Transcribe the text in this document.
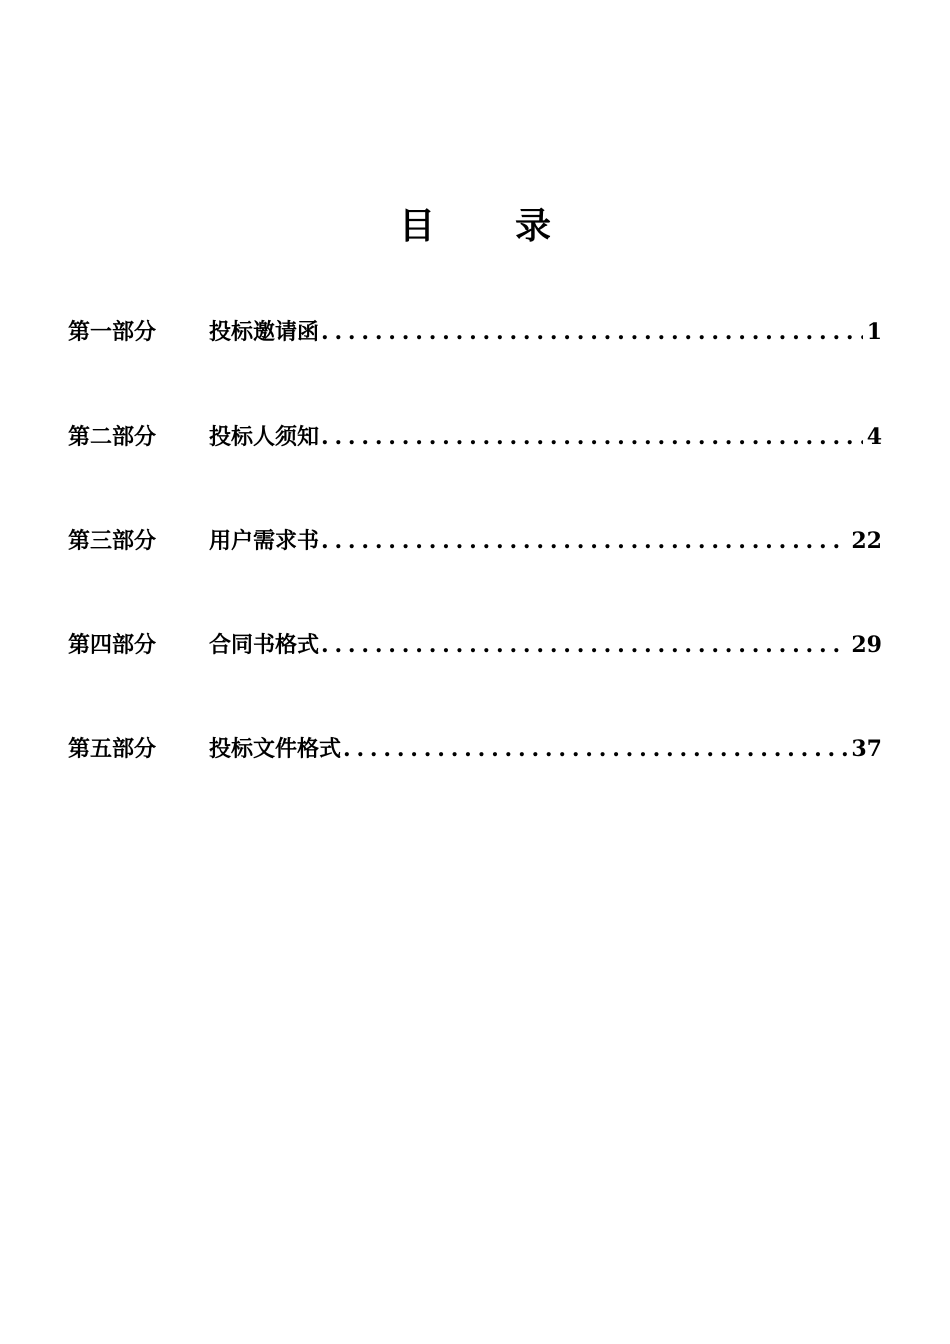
目 录
第一部分	投标邀请函 .....	1
第二部分	投标人须知 .....	4
第三部分	用户需求书 .....	22
第四部分	合同书格式 .....	29
第五部分	投标文件格式 .....	37
